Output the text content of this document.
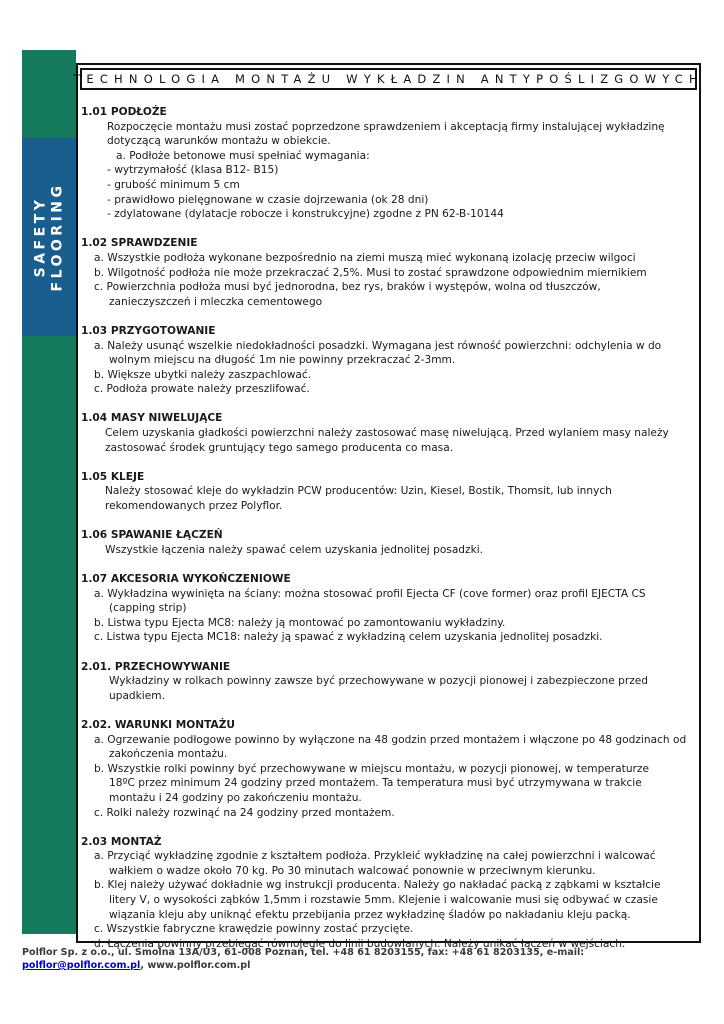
SAFETY FLOORING
TECHNOLOGIA MONTAŻU WYKŁADZIN ANTYPOŚLIZGOWYCH
1.01 PODŁOŻE
Rozpoczęcie montażu musi zostać poprzedzone sprawdzeniem i akceptacją firmy instalującej wykładzinę
dotyczącą warunków montażu w obiekcie.
a. Podłoże betonowe musi spełniać wymagania:
- wytrzymałość (klasa B12- B15)
- grubość minimum 5 cm
- prawidłowo pielęgnowane w czasie dojrzewania (ok 28 dni)
- zdylatowane (dylatacje robocze i konstrukcyjne) zgodne z PN 62-B-10144
1.02 SPRAWDZENIE
a. Wszystkie podłoża wykonane bezpośrednio na ziemi muszą mieć wykonaną izolację przeciw wilgoci
b. Wilgotność podłoża nie może przekraczać 2,5%. Musi to zostać sprawdzone odpowiednim miernikiem
c. Powierzchnia podłoża musi być jednorodna, bez rys, braków i występów, wolna od tłuszczów,
zanieczyszczeń i mleczka cementowego
1.03 PRZYGOTOWANIE
a. Należy usunąć wszelkie niedokładności posadzki. Wymagana jest równość powierzchni: odchylenia w do
wolnym miejscu na długość 1m nie powinny przekraczać 2-3mm.
b. Większe ubytki należy zaszpachlować.
c. Podłoża prowate należy przeszlifować.
1.04 MASY NIWELUJĄCE
Celem uzyskania gładkości powierzchni należy zastosować masę niwelującą. Przed wylaniem masy należy
zastosować środek gruntujący tego samego producenta co masa.
1.05 KLEJE
Należy stosować kleje do wykładzin PCW producentów: Uzin, Kiesel, Bostik, Thomsit, lub innych
rekomendowanych przez Polyflor.
1.06 SPAWANIE ŁĄCZEŃ
Wszystkie łączenia należy spawać celem uzyskania jednolitej posadzki.
1.07 AKCESORIA WYKOŃCZENIOWE
a. Wykładzina wywinięta na ściany: można stosować profil Ejecta CF (cove former) oraz profil EJECTA CS
(capping strip)
b. Listwa typu Ejecta MC8: należy ją montować po zamontowaniu wykładziny.
c. Listwa typu Ejecta MC18: należy ją spawać z wykładziną celem uzyskania jednolitej posadzki.
2.01. PRZECHOWYWANIE
Wykładziny w rolkach powinny zawsze być przechowywane w pozycji pionowej i zabezpieczone przed
upadkiem.
2.02. WARUNKI MONTAŻU
a. Ogrzewanie podłogowe powinno by wyłączone na 48 godzin przed montażem i włączone po 48 godzinach od
zakończenia montażu.
b. Wszystkie rolki powinny być przechowywane w miejscu montażu, w pozycji pionowej, w temperaturze
18ºC przez minimum 24 godziny przed montażem. Ta temperatura musi być utrzymywana w trakcie
montażu i 24 godziny po zakończeniu montażu.
c. Rolki należy rozwinąć na 24 godziny przed montażem.
2.03 MONTAŻ
a. Przyciąć wykładzinę zgodnie z kształtem podłoża. Przykleić wykładzinę na całej powierzchni i walcować
wałkiem o wadze około 70 kg. Po 30 minutach walcować ponownie w przeciwnym kierunku.
b. Klej należy używać dokładnie wg instrukcji producenta. Należy go nakładać packą z ząbkami w kształcie
litery V, o wysokości ząbków 1,5mm i rozstawie 5mm. Klejenie i walcowanie musi się odbywać w czasie
wiązania kleju aby uniknąć efektu przebijania przez wykładzinę śladów po nakładaniu kleju packą.
c. Wszystkie fabryczne krawędzie powinny zostać przycięte.
d. Łączenia powinny przebiegać równolegle do linii budowlanych. Należy unikać łączeń w wejściach.
Polflor Sp. z o.o., ul. Smolna 13A/U3, 61-008 Poznań, tel. +48 61 8203155, fax: +48 61 8203135, e-mail:
polflor@polflor.com.pl, www.polflor.com.pl
